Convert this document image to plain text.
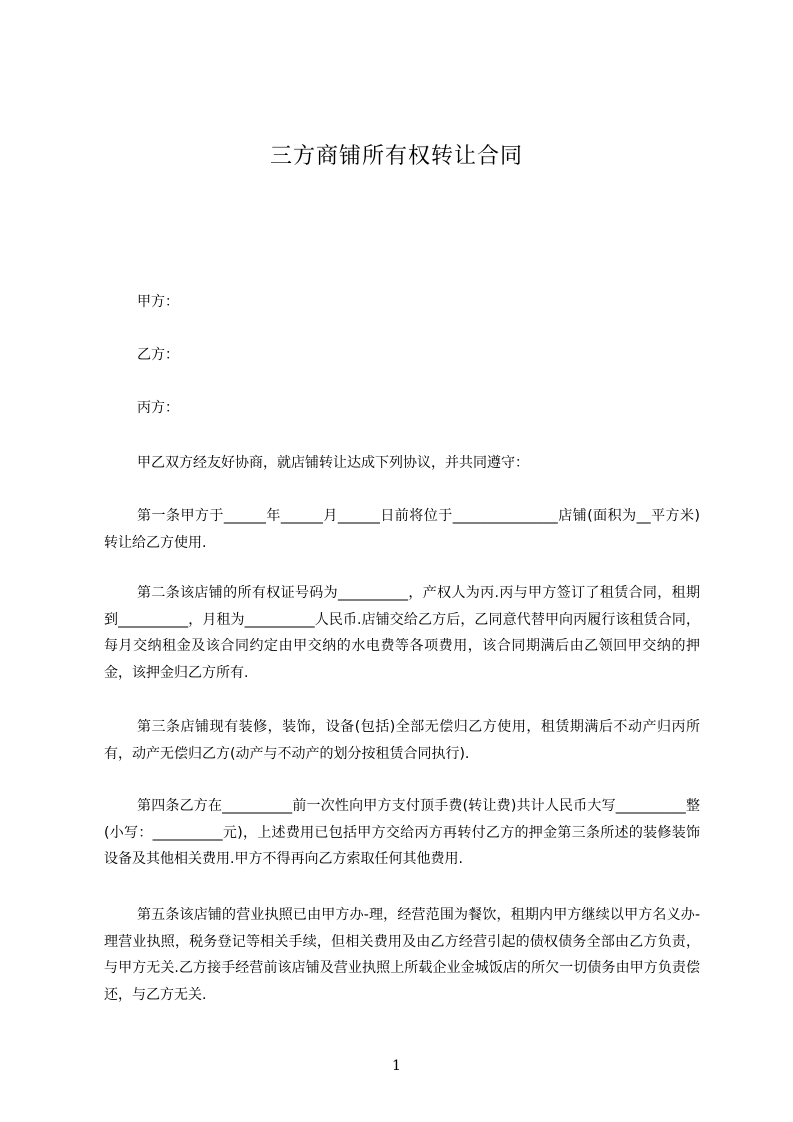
三方商铺所有权转让合同
甲方：
乙方：
丙方：
甲乙双方经友好协商，就店铺转让达成下列协议，并共同遵守：
第一条甲方于______年______月______日前将位于_______________店铺(面积为__平方米)转让给乙方使用.
第二条该店铺的所有权证号码为__________，产权人为丙.丙与甲方签订了租赁合同，租期到__________，月租为__________人民币.店铺交给乙方后，乙同意代替甲向丙履行该租赁合同，每月交纳租金及该合同约定由甲交纳的水电费等各项费用，该合同期满后由乙领回甲交纳的押金，该押金归乙方所有.
第三条店铺现有装修，装饰，设备(包括)全部无偿归乙方使用，租赁期满后不动产归丙所有，动产无偿归乙方(动产与不动产的划分按租赁合同执行).
第四条乙方在__________前一次性向甲方支付顶手费(转让费)共计人民币大写__________整(小写：__________元)，上述费用已包括甲方交给丙方再转付乙方的押金第三条所述的装修装饰设备及其他相关费用.甲方不得再向乙方索取任何其他费用.
第五条该店铺的营业执照已由甲方办-理，经营范围为餐饮，租期内甲方继续以甲方名义办-理营业执照，税务登记等相关手续，但相关费用及由乙方经营引起的债权债务全部由乙方负责，与甲方无关.乙方接手经营前该店铺及营业执照上所载企业金城饭店的所欠一切债务由甲方负责偿还，与乙方无关.
1
